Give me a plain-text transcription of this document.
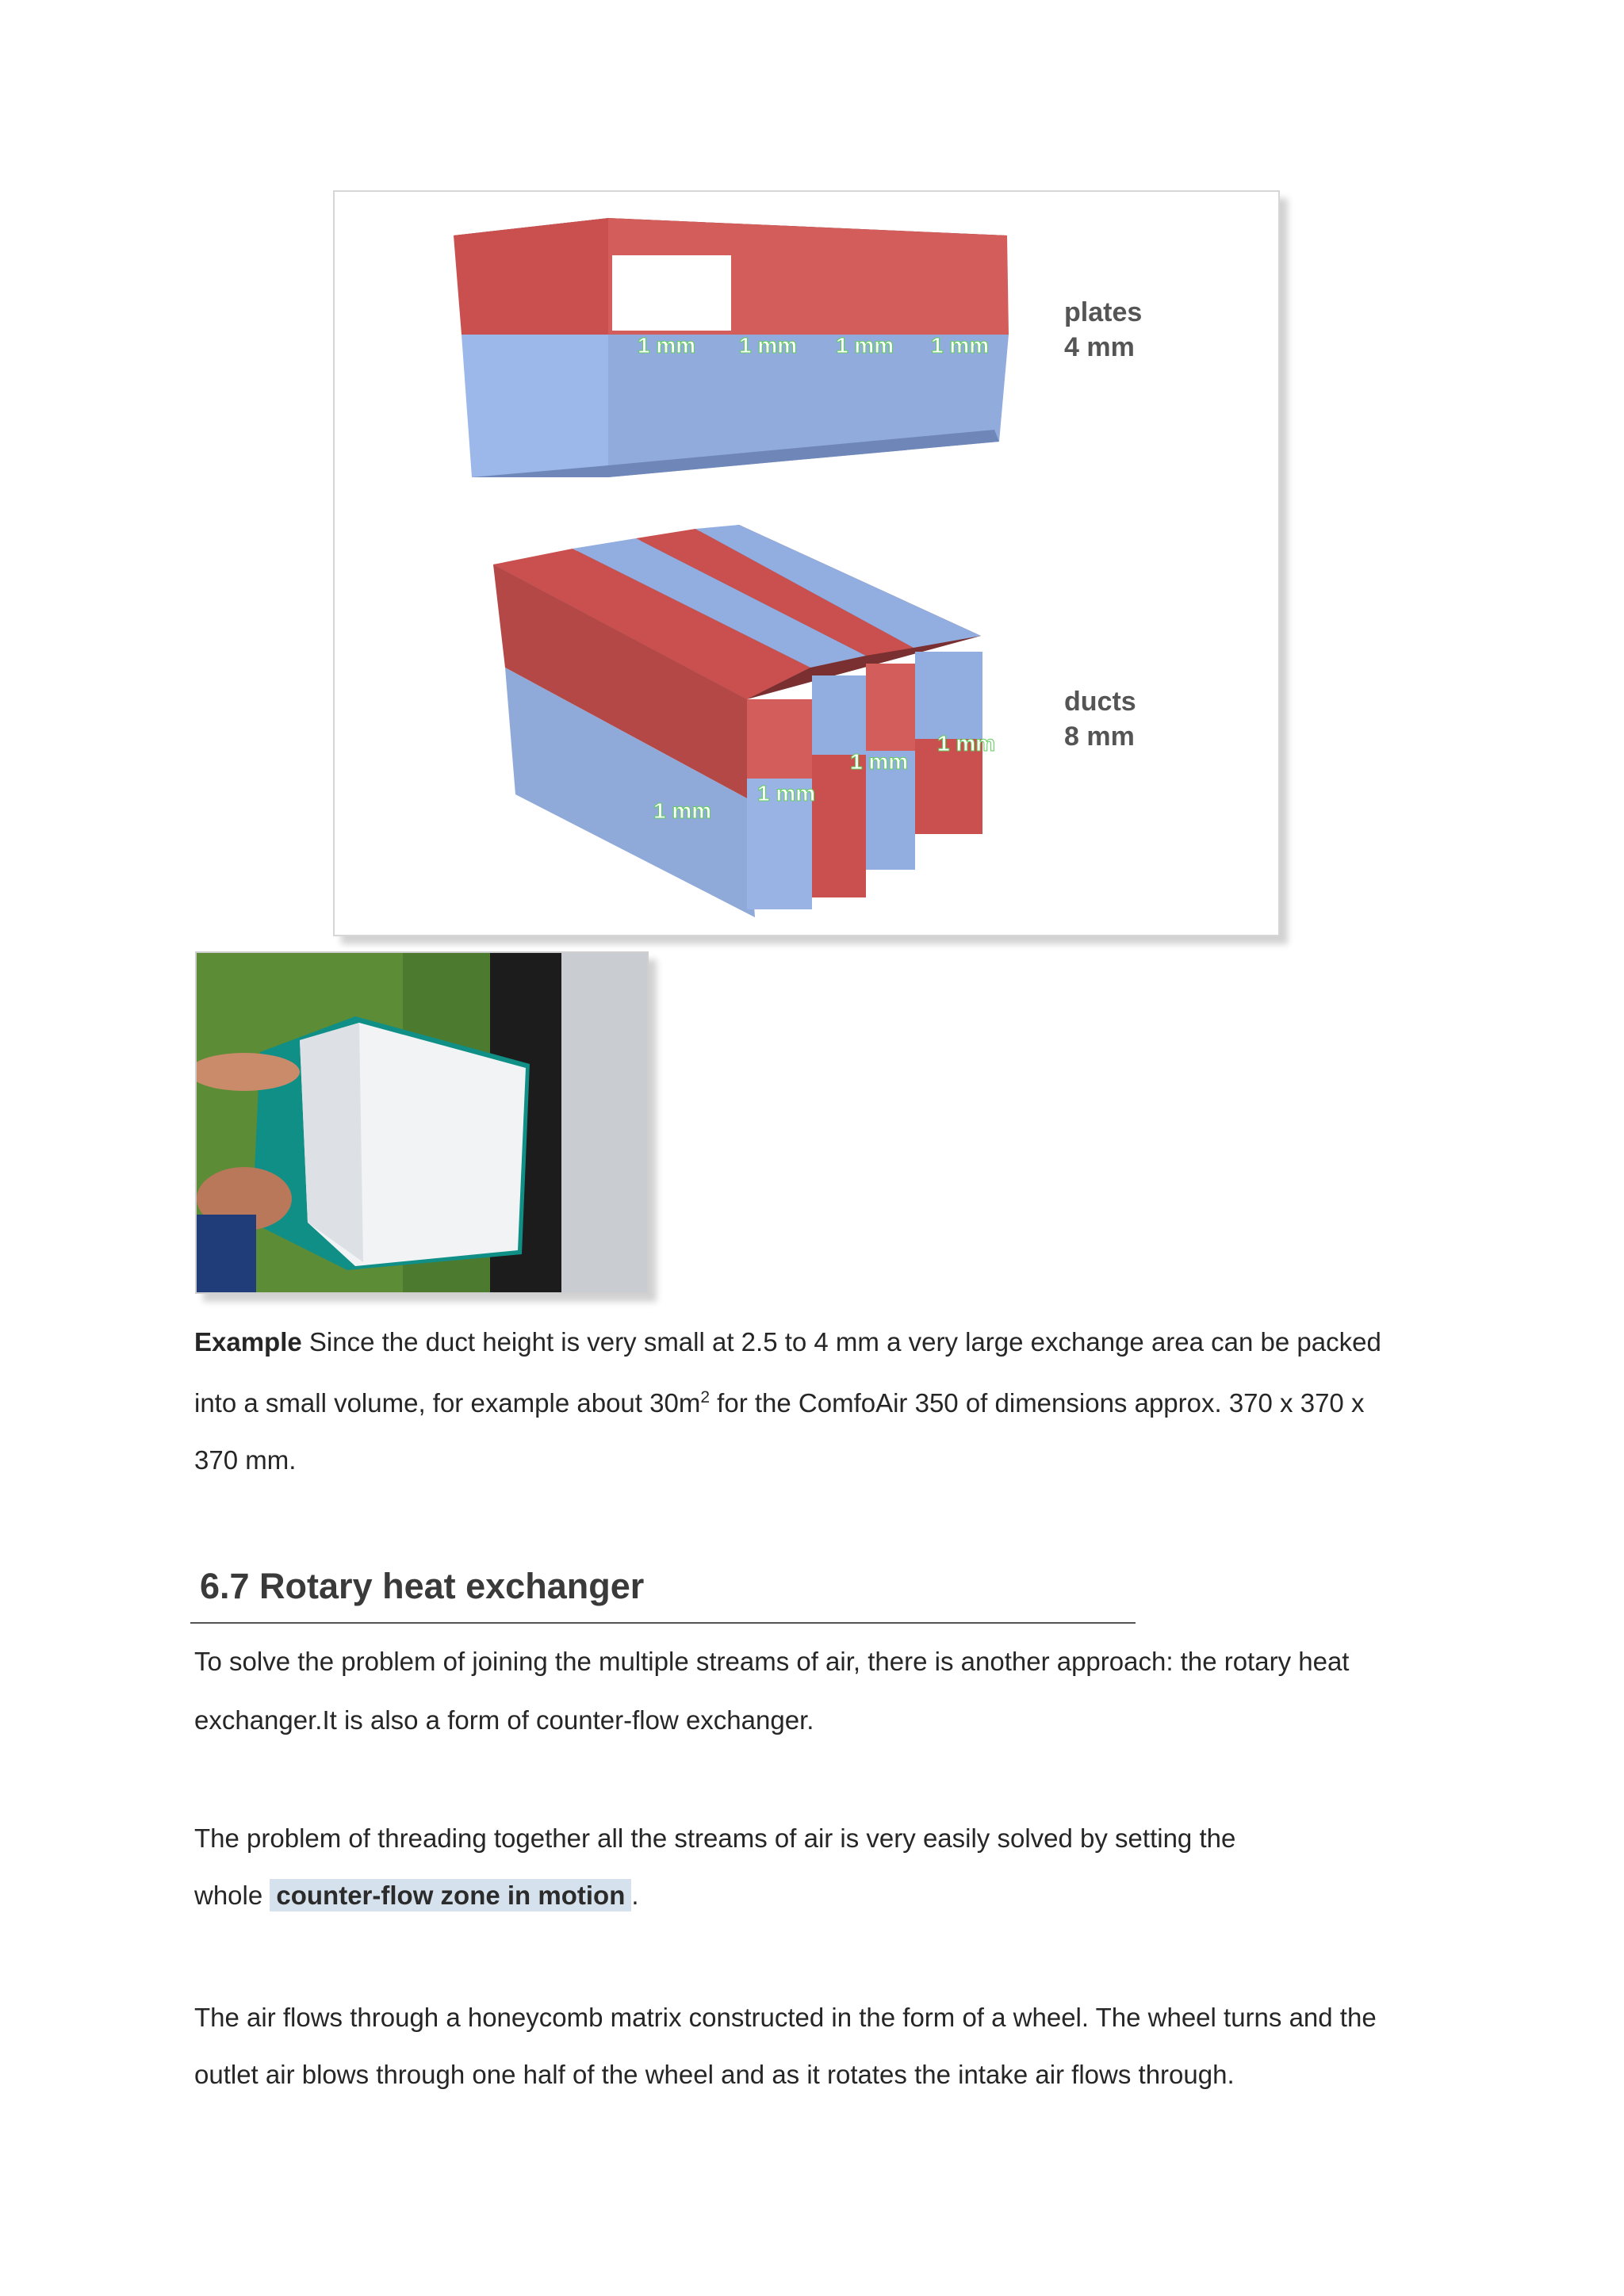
1 mm 1 mm 1 mm 1 mm
1 mm
1 mm
1 mm
1 mm
plates
4 mm
ducts
8 mm
Example Since the duct height is very small at 2.5 to 4 mm a very large exchange area can be packed
into a small volume, for example about $30m^2$ for the ComfoAir 350 of dimensions approx. 370 x 370 x
370 mm.
6.7 Rotary heat exchanger
To solve the problem of joining the multiple streams of air, there is another approach: the rotary heat
exchanger.It is also a form of counter-flow exchanger.
The problem of threading together all the streams of air is very easily solved by setting the
whole counter-flow zone in motion .
The air flows through a honeycomb matrix constructed in the form of a wheel. The wheel turns and the
outlet air blows through one half of the wheel and as it rotates the intake air flows through.
